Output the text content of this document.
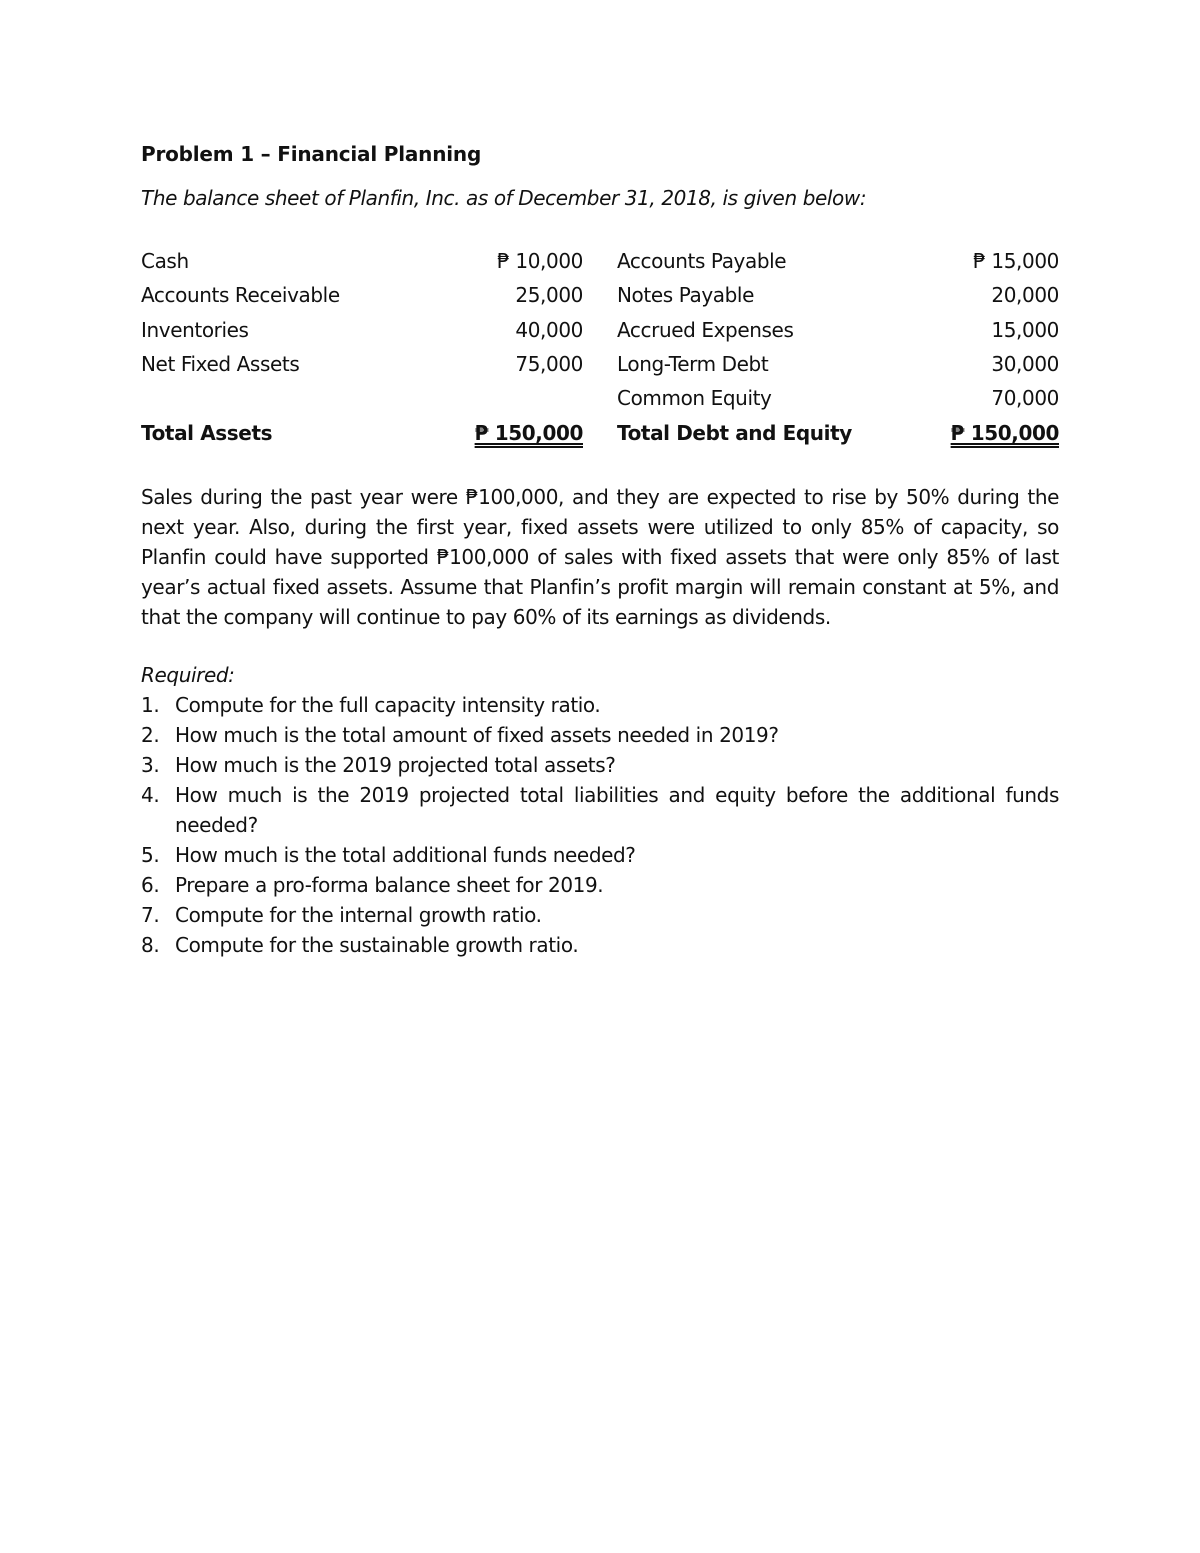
Problem 1 – Financial Planning

The balance sheet of Planfin, Inc. as of December 31, 2018, is given below:

Cash	₱ 10,000		Accounts Payable	₱ 15,000
Accounts Receivable	25,000		Notes Payable	20,000
Inventories	40,000		Accrued Expenses	15,000
Net Fixed Assets	75,000		Long-Term Debt	30,000
			Common Equity	70,000
Total Assets	₱ 150,000		Total Debt and Equity	₱ 150,000

Sales during the past year were ₱100,000, and they are expected to rise by 50% during the next year. Also, during the first year, fixed assets were utilized to only 85% of capacity, so Planfin could have supported ₱100,000 of sales with fixed assets that were only 85% of last year’s actual fixed assets. Assume that Planfin’s profit margin will remain constant at 5%, and that the company will continue to pay 60% of its earnings as dividends.

Required:

1. Compute for the full capacity intensity ratio.
2. How much is the total amount of fixed assets needed in 2019?
3. How much is the 2019 projected total assets?
4. How much is the 2019 projected total liabilities and equity before the additional funds needed?
5. How much is the total additional funds needed?
6. Prepare a pro-forma balance sheet for 2019.
7. Compute for the internal growth ratio.
8. Compute for the sustainable growth ratio.
